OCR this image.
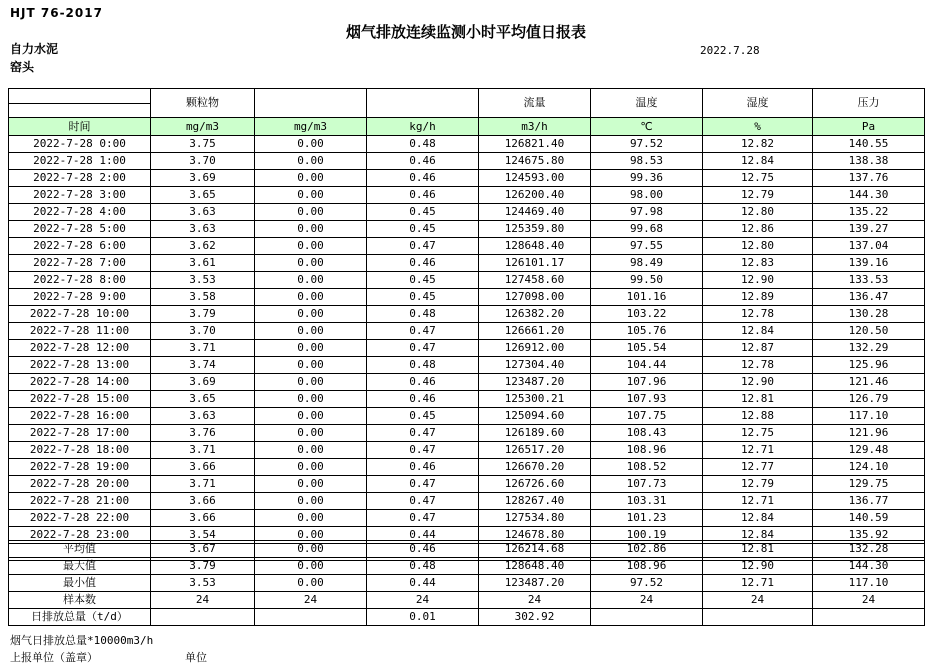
HJT 76-2017
烟气排放连续监测小时平均值日报表
自力水泥
窑头
2022.7.28
	颗粒物			流量	温度	湿度	压力

时间	mg/m3	mg/m3	kg/h	m3/h	℃	%	Pa
2022-7-28 0:00	3.75	0.00	0.48	126821.40	97.52	12.82	140.55
2022-7-28 1:00	3.70	0.00	0.46	124675.80	98.53	12.84	138.38
2022-7-28 2:00	3.69	0.00	0.46	124593.00	99.36	12.75	137.76
2022-7-28 3:00	3.65	0.00	0.46	126200.40	98.00	12.79	144.30
2022-7-28 4:00	3.63	0.00	0.45	124469.40	97.98	12.80	135.22
2022-7-28 5:00	3.63	0.00	0.45	125359.80	99.68	12.86	139.27
2022-7-28 6:00	3.62	0.00	0.47	128648.40	97.55	12.80	137.04
2022-7-28 7:00	3.61	0.00	0.46	126101.17	98.49	12.83	139.16
2022-7-28 8:00	3.53	0.00	0.45	127458.60	99.50	12.90	133.53
2022-7-28 9:00	3.58	0.00	0.45	127098.00	101.16	12.89	136.47
2022-7-28 10:00	3.79	0.00	0.48	126382.20	103.22	12.78	130.28
2022-7-28 11:00	3.70	0.00	0.47	126661.20	105.76	12.84	120.50
2022-7-28 12:00	3.71	0.00	0.47	126912.00	105.54	12.87	132.29
2022-7-28 13:00	3.74	0.00	0.48	127304.40	104.44	12.78	125.96
2022-7-28 14:00	3.69	0.00	0.46	123487.20	107.96	12.90	121.46
2022-7-28 15:00	3.65	0.00	0.46	125300.21	107.93	12.81	126.79
2022-7-28 16:00	3.63	0.00	0.45	125094.60	107.75	12.88	117.10
2022-7-28 17:00	3.76	0.00	0.47	126189.60	108.43	12.75	121.96
2022-7-28 18:00	3.71	0.00	0.47	126517.20	108.96	12.71	129.48
2022-7-28 19:00	3.66	0.00	0.46	126670.20	108.52	12.77	124.10
2022-7-28 20:00	3.71	0.00	0.47	126726.60	107.73	12.79	129.75
2022-7-28 21:00	3.66	0.00	0.47	128267.40	103.31	12.71	136.77
2022-7-28 22:00	3.66	0.00	0.47	127534.80	101.23	12.84	140.59
2022-7-28 23:00	3.54	0.00	0.44	124678.80	100.19	12.84	135.92

平均值	3.67	0.00	0.46	126214.68	102.86	12.81	132.28
最大值	3.79	0.00	0.48	128648.40	108.96	12.90	144.30
最小值	3.53	0.00	0.44	123487.20	97.52	12.71	117.10
样本数	24	24	24	24	24	24	24
日排放总量（t/d）			0.01	302.92			
烟气日排放总量*10000m3/h
上报单位（盖章）	单位
